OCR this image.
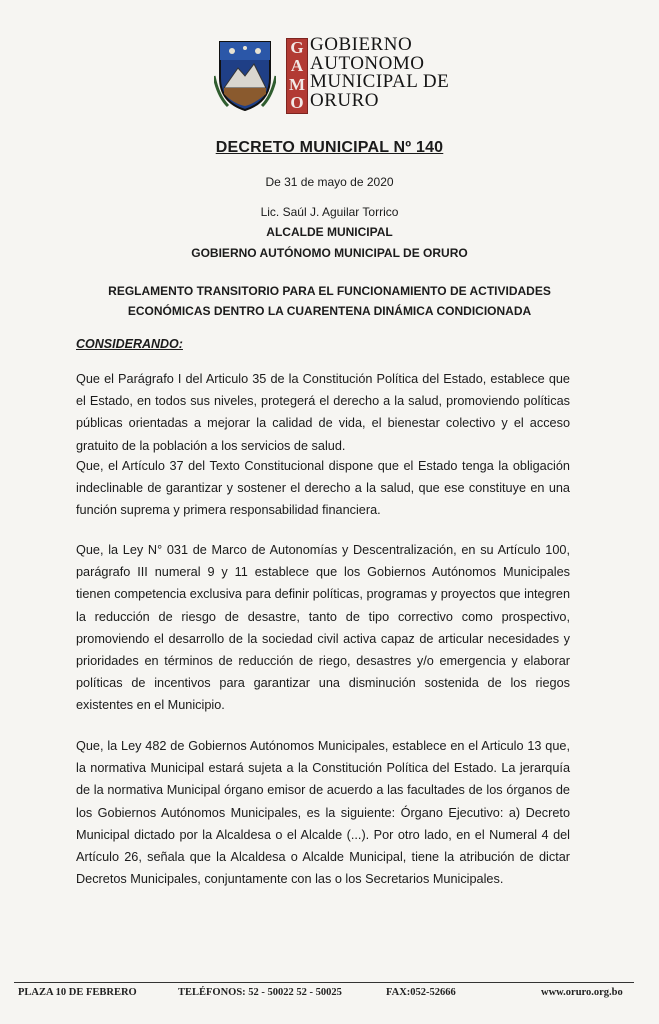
G
A
M
O
GOBIERNO
AUTONOMO
MUNICIPAL DE
ORURO
DECRETO MUNICIPAL Nº 140
De 31 de mayo de 2020
Lic. Saúl J. Aguilar Torrico
ALCALDE MUNICIPAL
GOBIERNO AUTÓNOMO MUNICIPAL DE ORURO
REGLAMENTO TRANSITORIO PARA EL FUNCIONAMIENTO DE ACTIVIDADES
ECONÓMICAS DENTRO LA CUARENTENA DINÁMICA CONDICIONADA
CONSIDERANDO:
Que el Parágrafo I del Articulo 35 de la Constitución Política del Estado, establece que el Estado, en todos sus niveles, protegerá el derecho a la salud, promoviendo políticas públicas orientadas a mejorar la calidad de vida, el bienestar colectivo y el acceso gratuito de la población a los servicios de salud.
Que, el Artículo 37 del Texto Constitucional dispone que el Estado tenga la obligación indeclinable de garantizar y sostener el derecho a la salud, que ese constituye en una función suprema y primera responsabilidad financiera.
Que, la Ley N° 031 de Marco de Autonomías y Descentralización, en su Artículo 100, parágrafo III numeral 9 y 11 establece que los Gobiernos Autónomos Municipales tienen competencia exclusiva para definir políticas, programas y proyectos que integren la reducción de riesgo de desastre, tanto de tipo correctivo como prospectivo, promoviendo el desarrollo de la sociedad civil activa capaz de articular necesidades y prioridades en términos de reducción de riego, desastres y/o emergencia y elaborar políticas de incentivos para garantizar una disminución sostenida de los riegos existentes en el Municipio.
Que, la Ley 482 de Gobiernos Autónomos Municipales, establece en el Articulo 13 que, la normativa Municipal estará sujeta a la Constitución Política del Estado. La jerarquía de la normativa Municipal órgano emisor de acuerdo a las facultades de los órganos de los Gobiernos Autónomos Municipales, es la siguiente: Órgano Ejecutivo: a) Decreto Municipal dictado por la Alcaldesa o el Alcalde (...). Por otro lado, en el Numeral 4 del Artículo 26, señala que la Alcaldesa o Alcalde Municipal, tiene la atribución de dictar Decretos Municipales, conjuntamente con las o los Secretarios Municipales.
PLAZA 10 DE FEBRERO	TELÉFONOS: 52 - 50022 52 - 50025	FAX:052-52666	www.oruro.org.bo
